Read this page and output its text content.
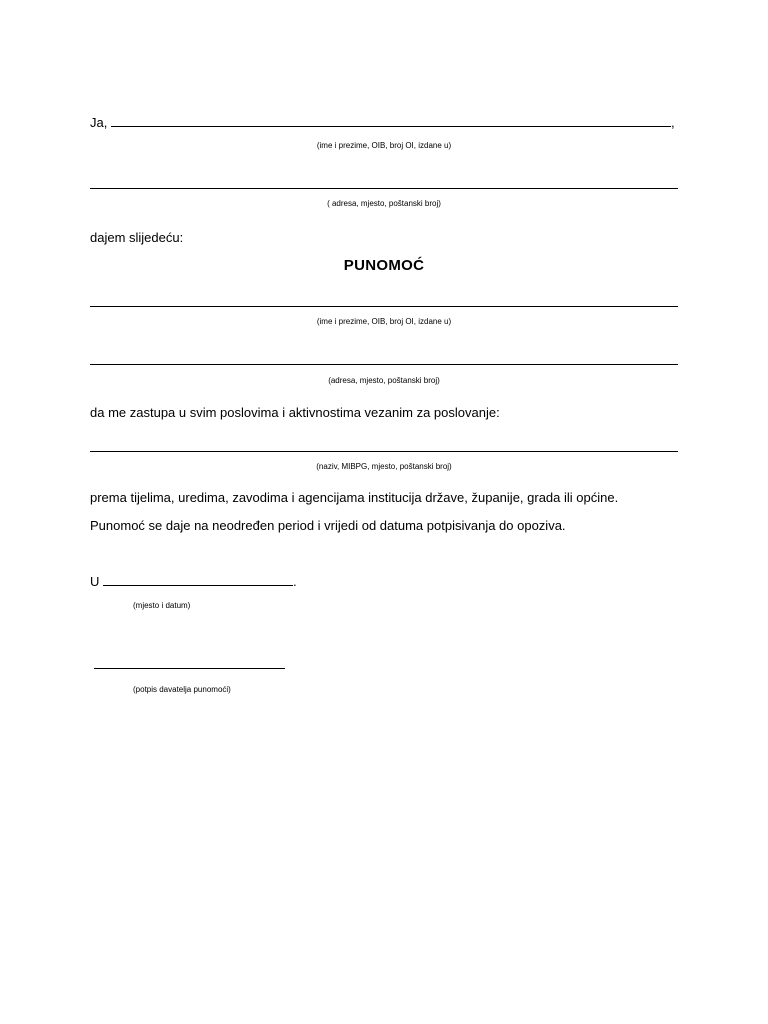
Ja,	,
(ime i prezime, OIB, broj OI, izdane u)
( adresa, mjesto, poštanski broj)
dajem slijedeću:
PUNOMOĆ
(ime i prezime, OIB, broj OI, izdane u)
(adresa, mjesto, poštanski broj)
da me zastupa u svim poslovima i aktivnostima vezanim za poslovanje:
(naziv, MIBPG, mjesto, poštanski broj)
prema tijelima, uredima, zavodima i agencijama institucija države, županije, grada ili općine.
Punomoć se daje na neodređen period i vrijedi od datuma potpisivanja do opoziva.
U	.
(mjesto i datum)
(potpis davatelja punomoći)
